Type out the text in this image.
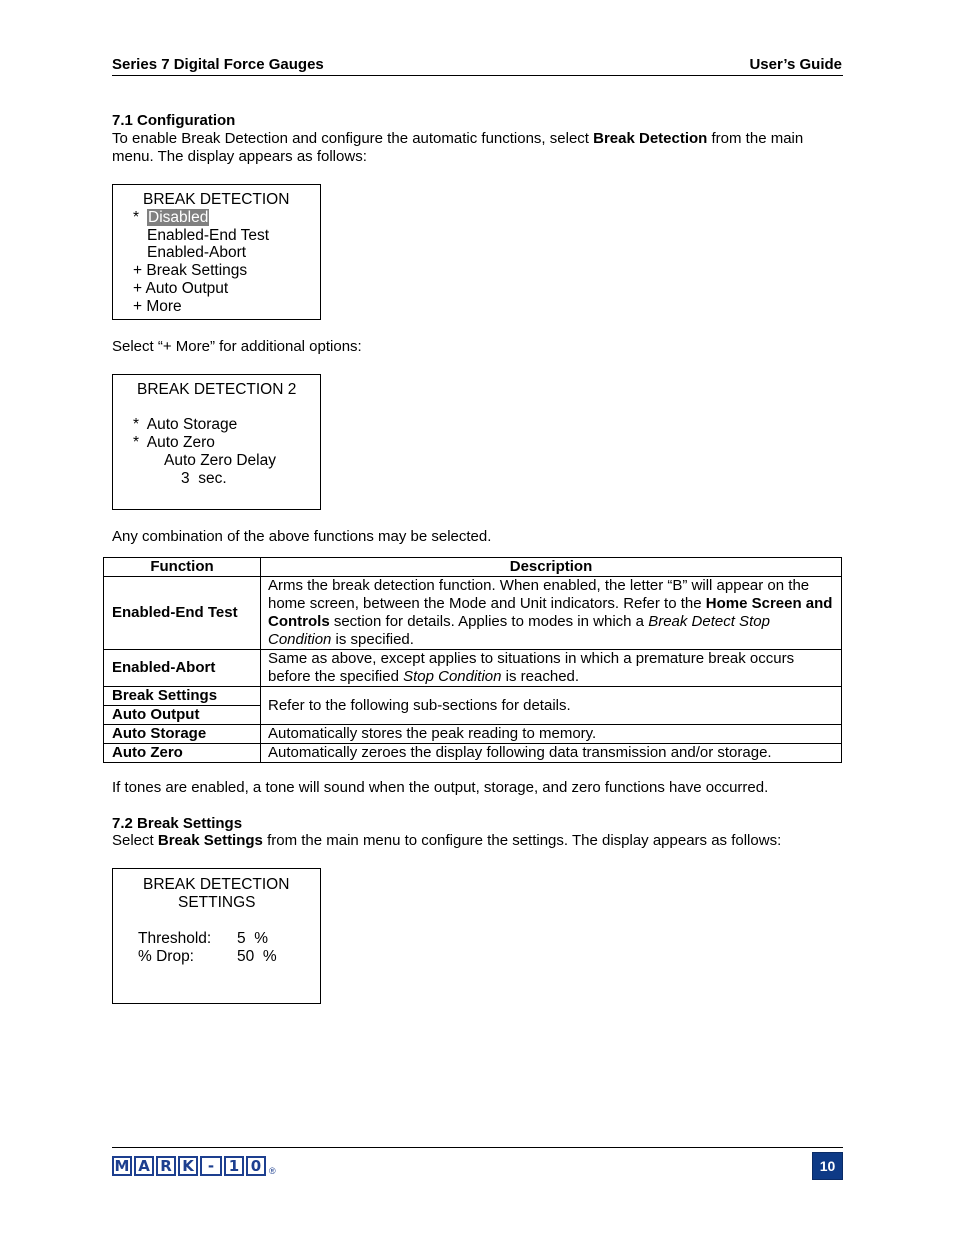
Series 7 Digital Force Gauges	User’s Guide
7.1 Configuration
To enable Break Detection and configure the automatic functions, select Break Detection from the main
menu. The display appears as follows:
BREAK DETECTION
* Disabled
Enabled-End Test
Enabled-Abort
+ Break Settings
+ Auto Output
+ More
Select “+ More” for additional options:
BREAK DETECTION 2
*  Auto Storage
*  Auto Zero
Auto Zero Delay
3  sec.
Any combination of the above functions may be selected.
Function	Description
Enabled-End Test	Arms the break detection function. When enabled, the letter “B” will appear on the home screen, between the Mode and Unit indicators. Refer to the Home Screen and Controls section for details. Applies to modes in which a Break Detect Stop Condition is specified.
Enabled-Abort	Same as above, except applies to situations in which a premature break occurs before the specified Stop Condition is reached.
Break Settings	Refer to the following sub-sections for details.
Auto Output	
Auto Storage	Automatically stores the peak reading to memory.
Auto Zero	Automatically zeroes the display following data transmission and/or storage.
If tones are enabled, a tone will sound when the output, storage, and zero functions have occurred.
7.2 Break Settings
Select Break Settings from the main menu to configure the settings. The display appears as follows:
BREAK DETECTION
SETTINGS
Threshold: 5  %
% Drop:	50  %
M A R K - 1 0 ®	10
